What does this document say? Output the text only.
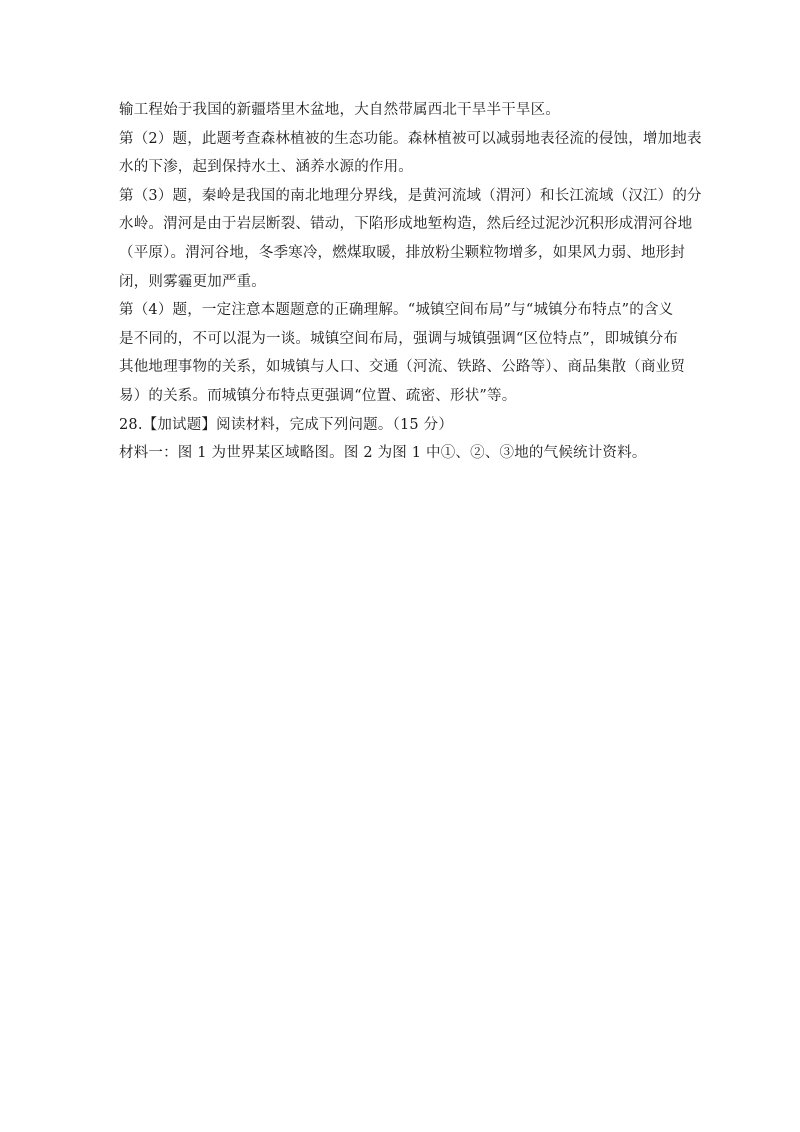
输工程始于我国的新疆塔里木盆地，大自然带属西北干旱半干旱区。
第（2）题，此题考查森林植被的生态功能。森林植被可以减弱地表径流的侵蚀，增加地表
水的下渗，起到保持水土、涵养水源的作用。
第（3）题，秦岭是我国的南北地理分界线，是黄河流域（渭河）和长江流域（汉江）的分
水岭。渭河是由于岩层断裂、错动，下陷形成地堑构造，然后经过泥沙沉积形成渭河谷地
（平原）。渭河谷地，冬季寒冷，燃煤取暖，排放粉尘颗粒物增多，如果风力弱、地形封
闭，则雾霾更加严重。
第（4）题，一定注意本题题意的正确理解。“城镇空间布局”与“城镇分布特点”的含义
是不同的，不可以混为一谈。城镇空间布局，强调与城镇强调“区位特点”，即城镇分布
其他地理事物的关系，如城镇与人口、交通（河流、铁路、公路等）、商品集散（商业贸
易）的关系。而城镇分布特点更强调“位置、疏密、形状”等。
28.【加试题】阅读材料，完成下列问题。（15 分）
材料一：图 1 为世界某区域略图。图 2 为图 1 中①、②、③地的气候统计资料。
